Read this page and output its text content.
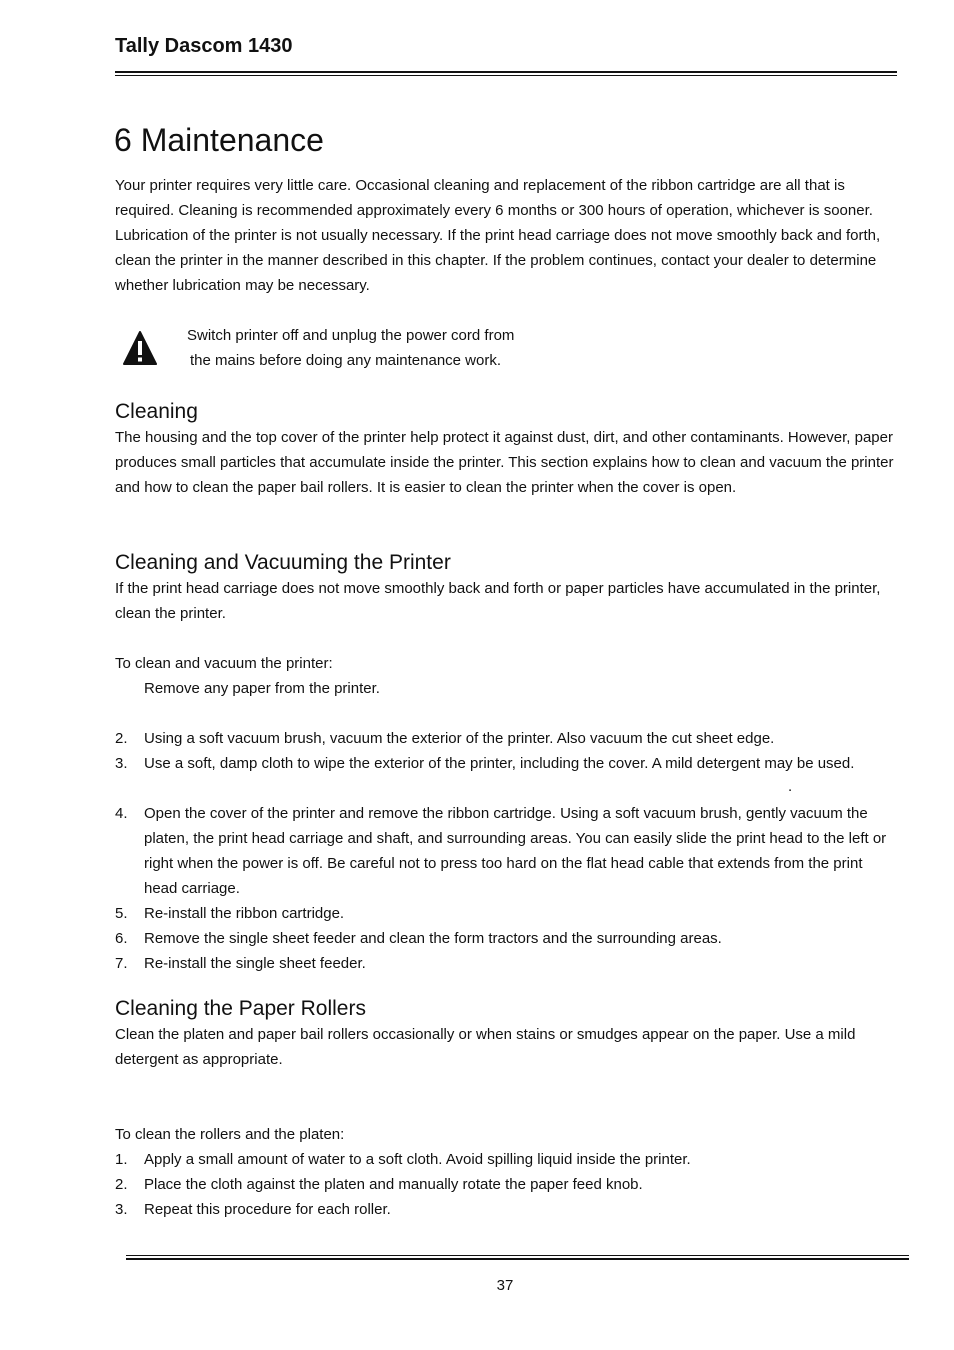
Tally Dascom 1430
6 Maintenance

Your printer requires very little care. Occasional cleaning and replacement of the ribbon cartridge are all that is required. Cleaning is recommended approximately every 6 months or 300 hours of operation, whichever is sooner. Lubrication of the printer is not usually necessary. If the print head carriage does not move smoothly back and forth, clean the printer in the manner described in this chapter. If the problem continues, contact your dealer to determine whether lubrication may be necessary.

Switch printer off and unplug the power cord from
the mains before doing any maintenance work.
Cleaning

The housing and the top cover of the printer help protect it against dust, dirt, and other contaminants. However, paper produces small particles that accumulate inside the printer. This section explains how to clean and vacuum the printer and how to clean the paper bail rollers. It is easier to clean the printer when the cover is open.

Cleaning and Vacuuming the Printer

If the print head carriage does not move smoothly back and forth or paper particles have accumulated in the printer, clean the printer.

To clean and vacuum the printer:
Remove any paper from the printer.
2.	Using a soft vacuum brush, vacuum the exterior of the printer. Also vacuum the cut sheet edge.
3.	Use a soft, damp cloth to wipe the exterior of the printer, including the cover. A mild detergent may be used.
4.	Open the cover of the printer and remove the ribbon cartridge. Using a soft vacuum brush, gently vacuum the platen, the print head carriage and shaft, and surrounding areas. You can easily slide the print head to the left or right when the power is off. Be careful not to press too hard on the flat head cable that extends from the print head carriage.
5.	Re-install the ribbon cartridge.
6.	Remove the single sheet feeder and clean the form tractors and the surrounding areas.
7.	Re-install the single sheet feeder.
.
Cleaning the Paper Rollers

Clean the platen and paper bail rollers occasionally or when stains or smudges appear on the paper. Use a mild detergent as appropriate.

To clean the rollers and the platen:
1.	Apply a small amount of water to a soft cloth. Avoid spilling liquid inside the printer.
2.	Place the cloth against the platen and manually rotate the paper feed knob.
3.	Repeat this procedure for each roller.
37
